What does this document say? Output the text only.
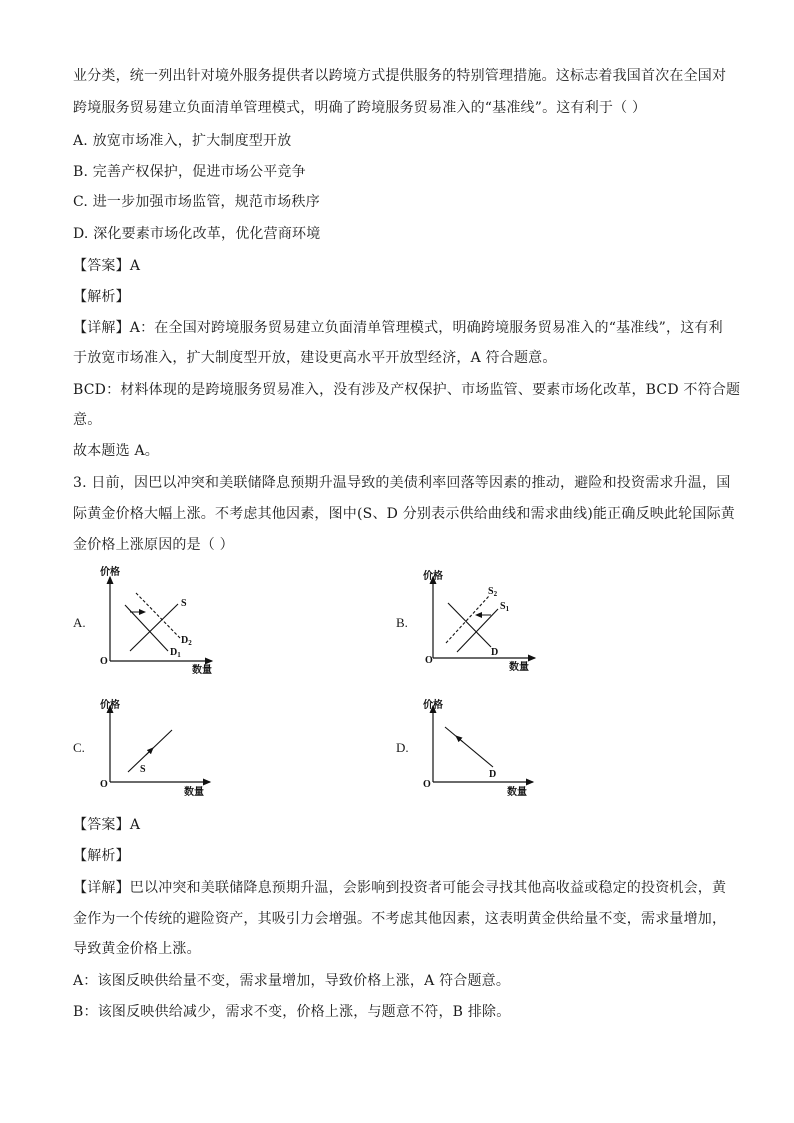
业分类，统一列出针对境外服务提供者以跨境方式提供服务的特别管理措施。这标志着我国首次在全国对
跨境服务贸易建立负面清单管理模式，明确了跨境服务贸易准入的“基准线”。这有利于（ ）
A. 放宽市场准入，扩大制度型开放
B. 完善产权保护，促进市场公平竞争
C. 进一步加强市场监管，规范市场秩序
D. 深化要素市场化改革，优化营商环境
【答案】A
【解析】
【详解】A：在全国对跨境服务贸易建立负面清单管理模式，明确跨境服务贸易准入的“基准线”，这有利
于放宽市场准入，扩大制度型开放，建设更高水平开放型经济，A 符合题意。
BCD：材料体现的是跨境服务贸易准入，没有涉及产权保护、市场监管、要素市场化改革，BCD 不符合题
意。
故本题选 A。
3. 日前，因巴以冲突和美联储降息预期升温导致的美债利率回落等因素的推动，避险和投资需求升温，国
际黄金价格大幅上涨。不考虑其他因素，图中(S、D 分别表示供给曲线和需求曲线)能正确反映此轮国际黄
金价格上涨原因的是（ ）
A.	B.
C.	D.
价格
数量
O
S
$D_2$
$D_1$
价格
数量
O
D
$S_2$
$S_1$
价格
数量
O
S
价格
数量
O
D
【答案】A
【解析】
【详解】巴以冲突和美联储降息预期升温，会影响到投资者可能会寻找其他高收益或稳定的投资机会，黄
金作为一个传统的避险资产，其吸引力会增强。不考虑其他因素，这表明黄金供给量不变，需求量增加，
导致黄金价格上涨。
A：该图反映供给量不变，需求量增加，导致价格上涨，A 符合题意。
B：该图反映供给减少，需求不变，价格上涨，与题意不符，B 排除。
